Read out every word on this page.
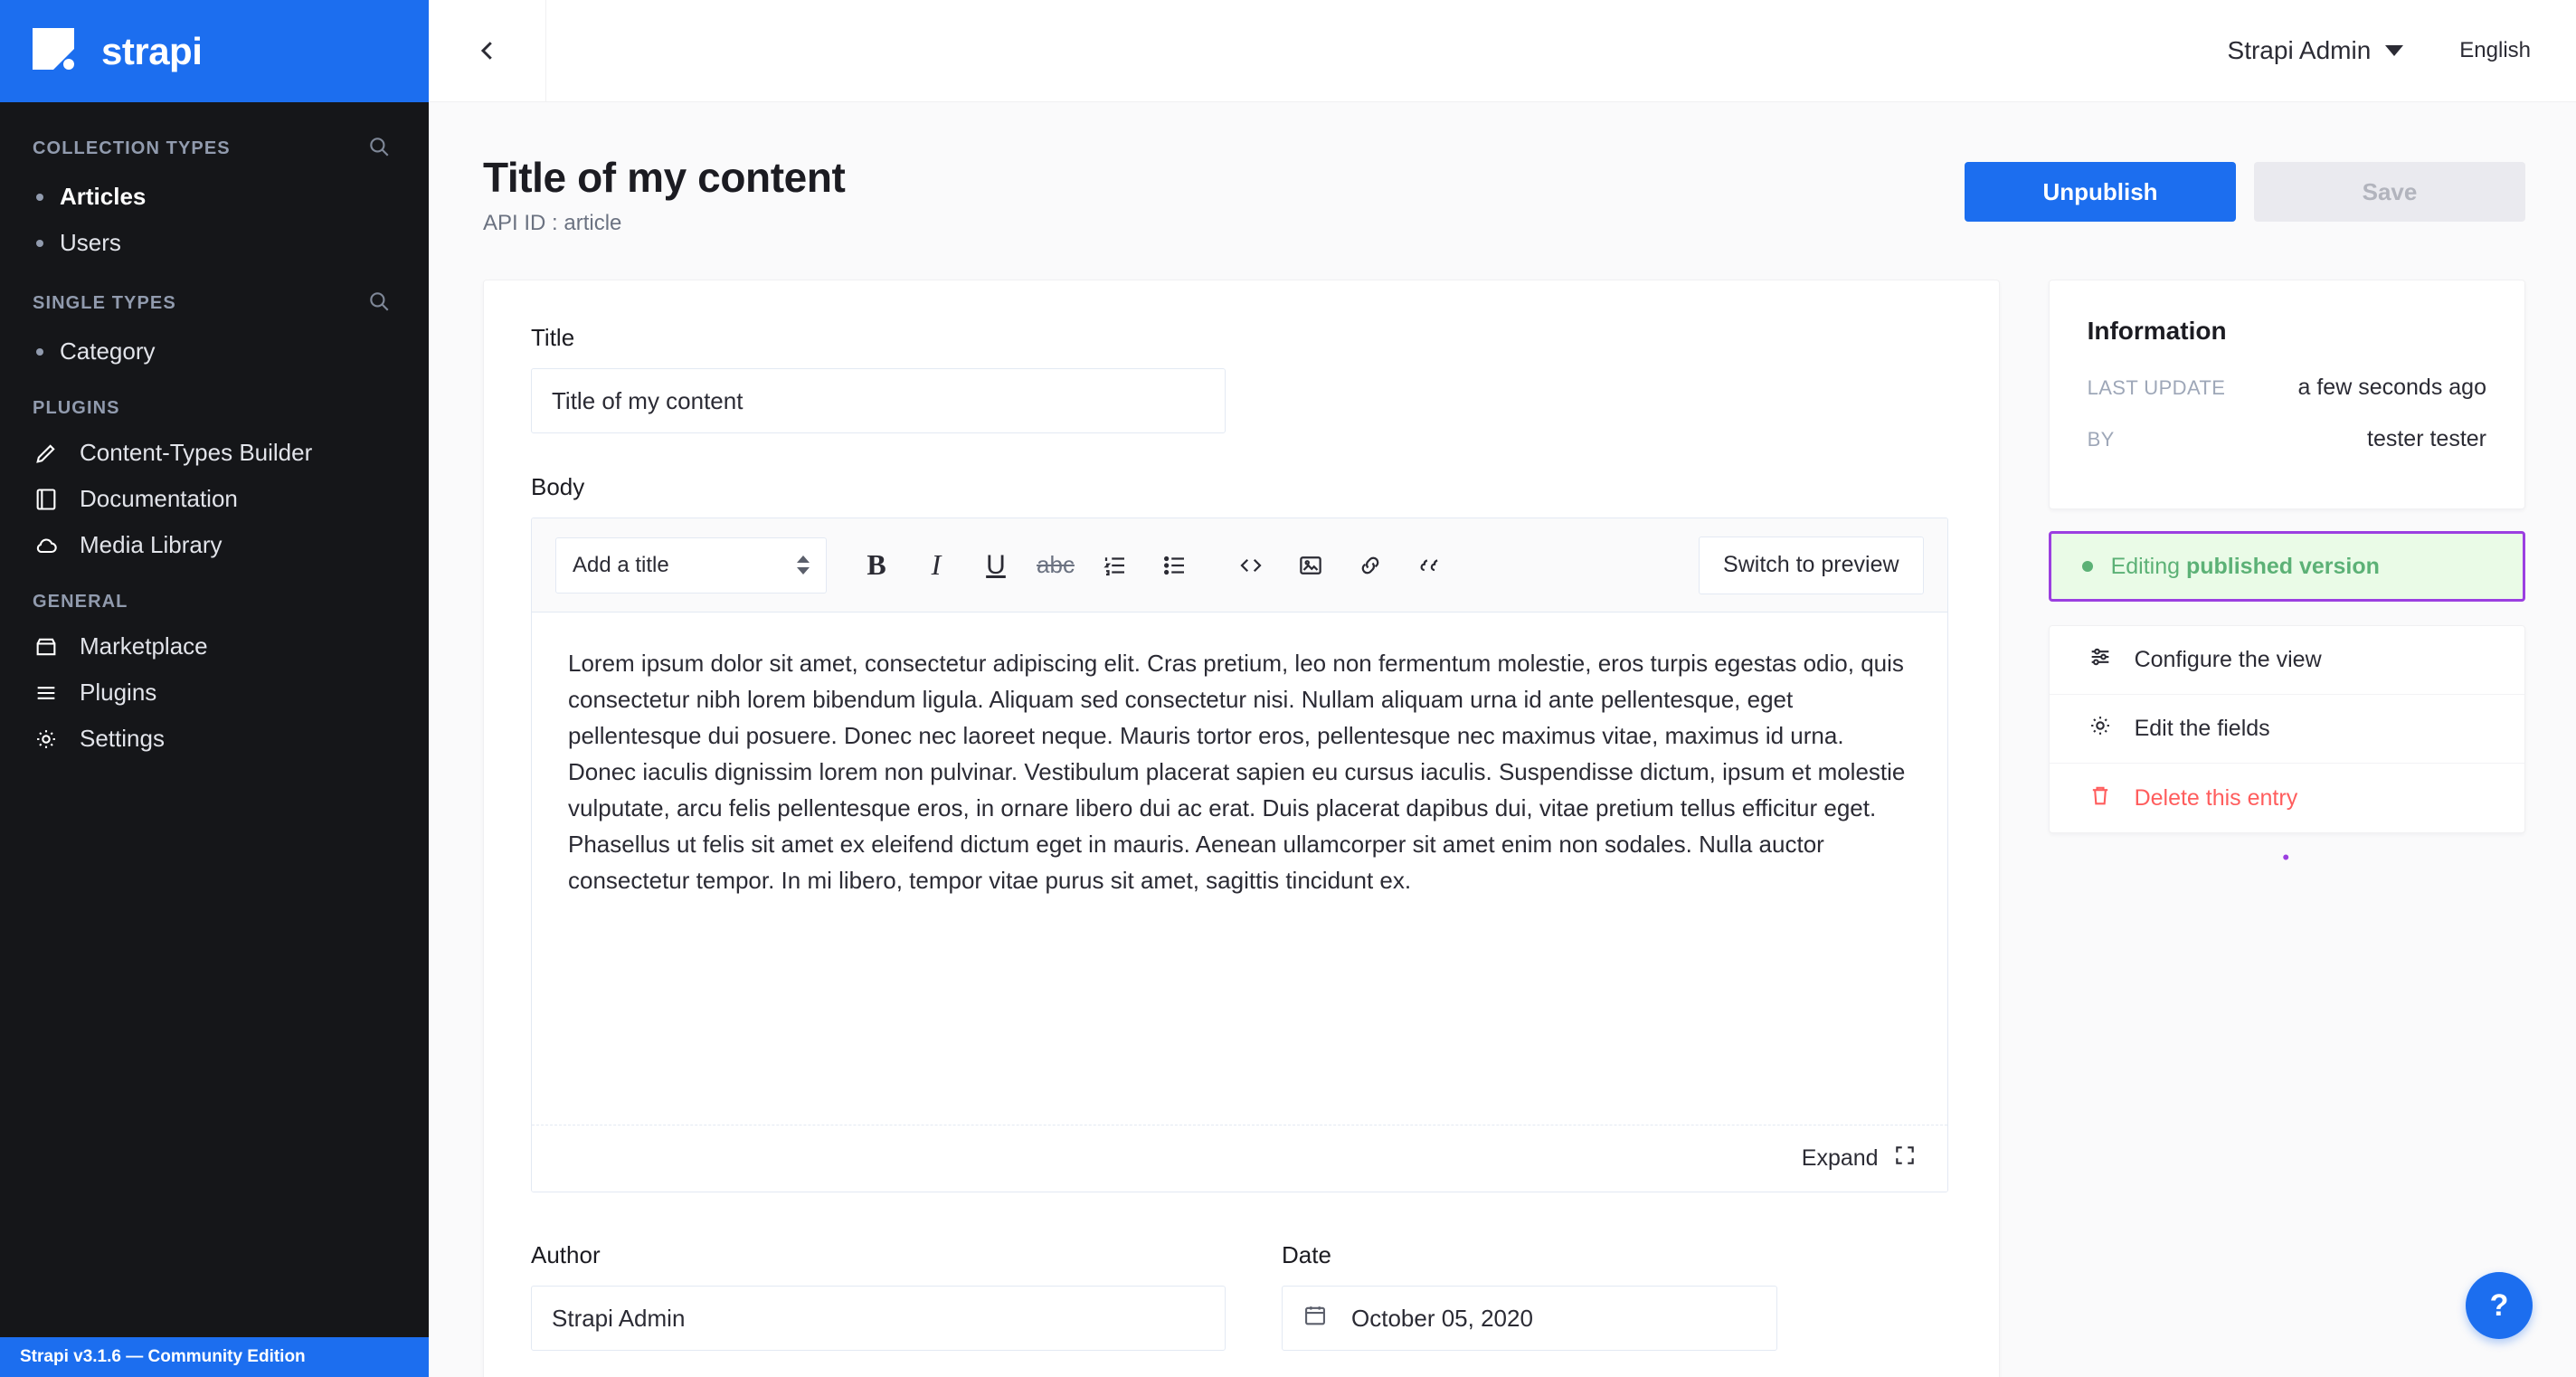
strapi
COLLECTION TYPES
Articles
Users
SINGLE TYPES
Category
PLUGINS
Content-Types Builder
Documentation
Media Library
GENERAL
Marketplace
Plugins
Settings
Strapi v3.1.6 — Community Edition
Strapi Admin	English
Title of my content
API ID : article
Unpublish	Save
Title
Title of my content
Body
Add a title	B	I	U	abc	Switch to preview

Lorem ipsum dolor sit amet, consectetur adipiscing elit. Cras pretium, leo non fermentum molestie, eros turpis egestas odio, quis consectetur nibh lorem bibendum ligula. Aliquam sed consectetur nisi. Nullam aliquam urna id ante pellentesque, eget pellentesque dui posuere. Donec nec laoreet neque. Mauris tortor eros, pellentesque nec maximus vitae, maximus id urna. Donec iaculis dignissim lorem non pulvinar. Vestibulum placerat sapien eu cursus iaculis. Suspendisse dictum, ipsum et molestie vulputate, arcu felis pellentesque eros, in ornare libero dui ac erat. Duis placerat dapibus dui, vitae pretium tellus efficitur eget. Phasellus ut felis sit amet ex eleifend dictum eget in mauris. Aenean ullamcorper sit amet enim non sodales. Nulla auctor consectetur tempor. In mi libero, tempor vitae purus sit amet, sagittis tincidunt ex.

Expand
Author
Strapi Admin	Date
October 05, 2020
Information
LAST UPDATE	a few seconds ago
BY	tester tester
Editing published version
Configure the view
Edit the fields
Delete this entry
•
?
